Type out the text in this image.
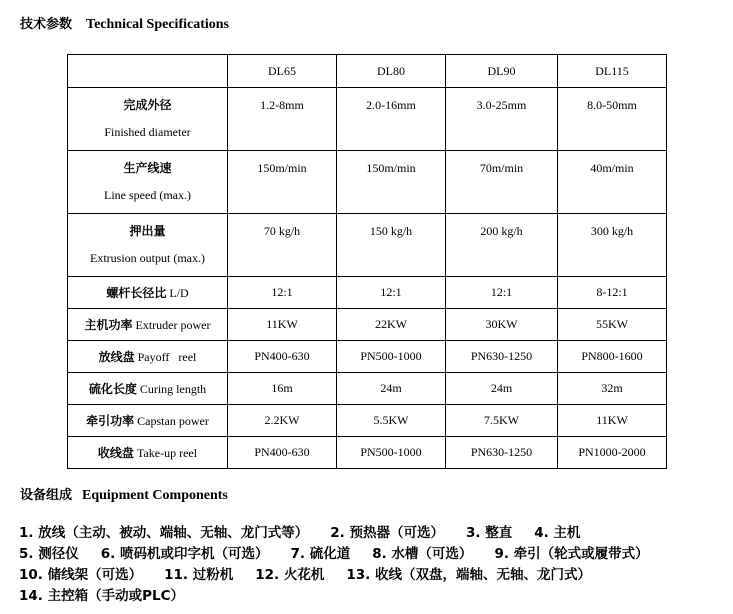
技术参数 Technical Specifications
	DL65	DL80	DL90	DL115

完成外径
Finished diameter	1.2-8mm	2.0-16mm	3.0-25mm	8.0-50mm

生产线速
Line speed (max.)	150m/min	150m/min	70m/min	40m/min

押出量
Extrusion output (max.)	70 kg/h	150 kg/h	200 kg/h	300 kg/h

螺杆长径比 L/D	12:1	12:1	12:1	8-12:1
主机功率 Extruder power	11KW	22KW	30KW	55KW
放线盘 Payoff   reel	PN400-630	PN500-1000	PN630-1250	PN800-1600
硫化长度 Curing length	16m	24m	24m	32m
牵引功率 Capstan power	2.2KW	5.5KW	7.5KW	11KW
收线盘 Take-up reel	PN400-630	PN500-1000	PN630-1250	PN1000-2000
设备组成 Equipment Components
1. 放线（主动、被动、端轴、无轴、龙门式等） 2. 预热器（可选） 3. 整直 4. 主机
5. 测径仪 6. 喷码机或印字机（可选） 7. 硫化道 8. 水槽（可选） 9. 牵引（轮式或履带式）
10. 储线架（可选） 11. 过粉机 12. 火花机 13. 收线（双盘，端轴、无轴、龙门式）
14. 主控箱（手动或PLC）
